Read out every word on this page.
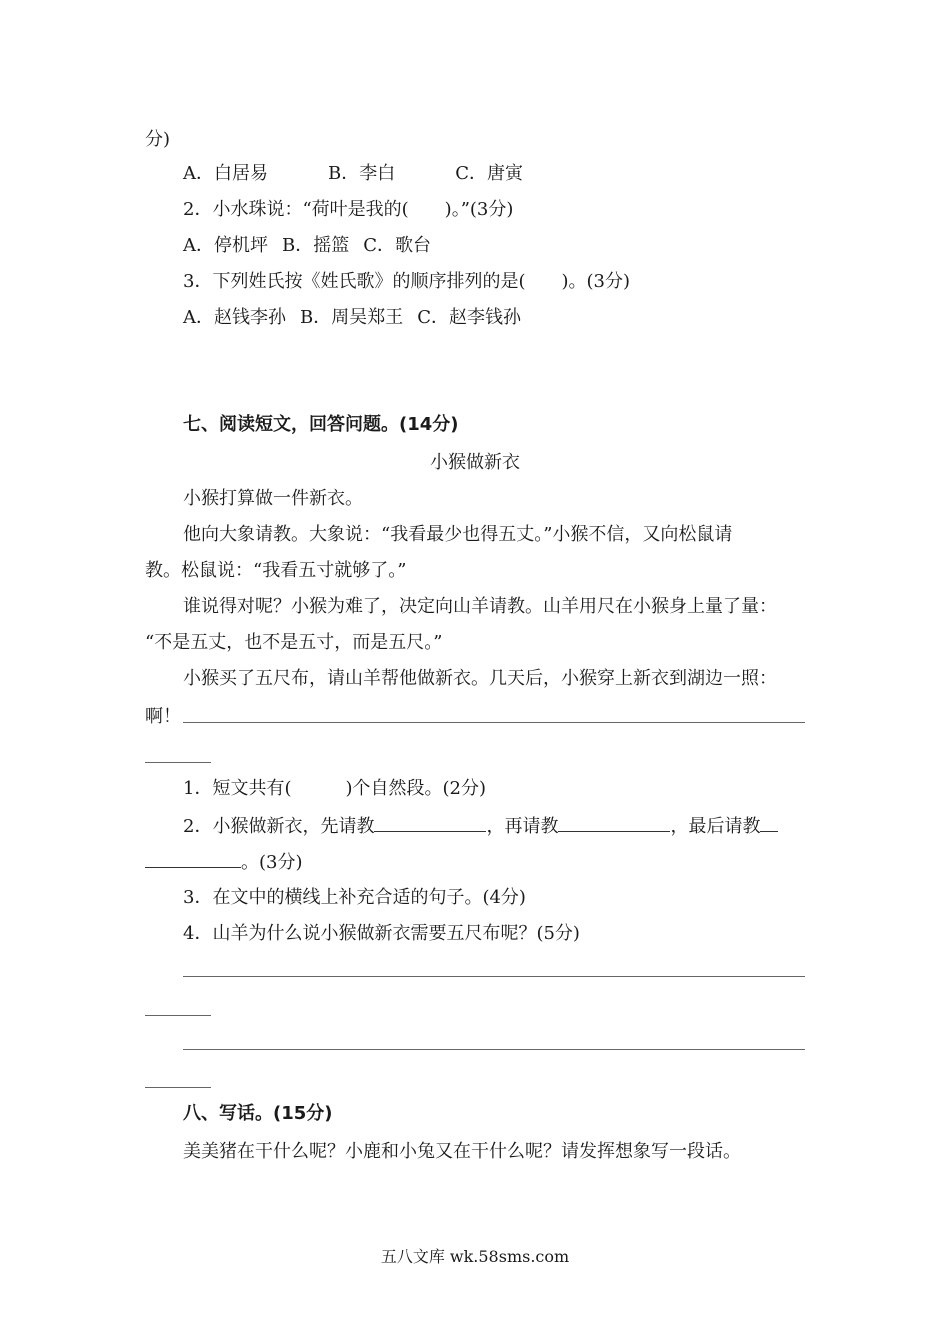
分)
A．白居易	B．李白	C．唐寅
2．小水珠说：“荷叶是我的(　　)。”(3分)
A．停机坪 B．摇篮 C．歌台
3．下列姓氏按《姓氏歌》的顺序排列的是(　　)。(3分)
A．赵钱李孙 B．周吴郑王 C．赵李钱孙
七、阅读短文，回答问题。(14分)
小猴做新衣
小猴打算做一件新衣。
他向大象请教。大象说：“我看最少也得五丈。”小猴不信，又向松鼠请
教。松鼠说：“我看五寸就够了。”
谁说得对呢？小猴为难了，决定向山羊请教。山羊用尺在小猴身上量了量：
“不是五丈，也不是五寸，而是五尺。”
小猴买了五尺布，请山羊帮他做新衣。几天后，小猴穿上新衣到湖边一照：
啊！
1．短文共有(　　　)个自然段。(2分)
2．小猴做新衣，先请教	，再请教	，最后请教
。(3分)
3．在文中的横线上补充合适的句子。(4分)
4．山羊为什么说小猴做新衣需要五尺布呢？(5分)
八、写话。(15分)
美美猪在干什么呢？小鹿和小兔又在干什么呢？请发挥想象写一段话。
五八文库 wk.58sms.com
